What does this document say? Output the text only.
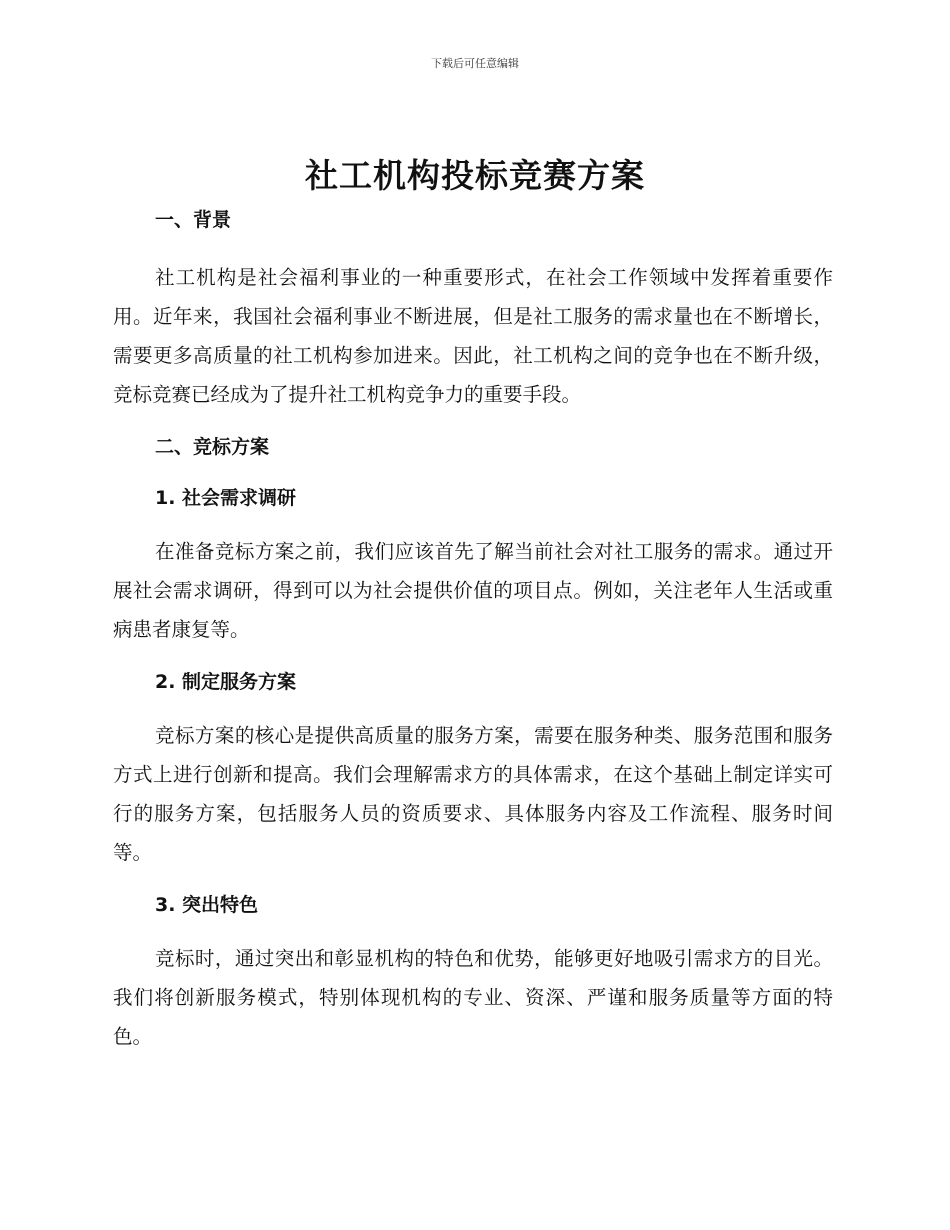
下载后可任意编辑
社工机构投标竞赛方案
一、背景

社工机构是社会福利事业的一种重要形式，在社会工作领域中发挥着重要作用。近年来，我国社会福利事业不断进展，但是社工服务的需求量也在不断增长，需要更多高质量的社工机构参加进来。因此，社工机构之间的竞争也在不断升级，竞标竞赛已经成为了提升社工机构竞争力的重要手段。

二、竞标方案
1. 社会需求调研

在准备竞标方案之前，我们应该首先了解当前社会对社工服务的需求。通过开展社会需求调研，得到可以为社会提供价值的项目点。例如，关注老年人生活或重病患者康复等。

2. 制定服务方案

竞标方案的核心是提供高质量的服务方案，需要在服务种类、服务范围和服务方式上进行创新和提高。我们会理解需求方的具体需求，在这个基础上制定详实可行的服务方案，包括服务人员的资质要求、具体服务内容及工作流程、服务时间等。

3. 突出特色

竞标时，通过突出和彰显机构的特色和优势，能够更好地吸引需求方的目光。我们将创新服务模式，特别体现机构的专业、资深、严谨和服务质量等方面的特色。
